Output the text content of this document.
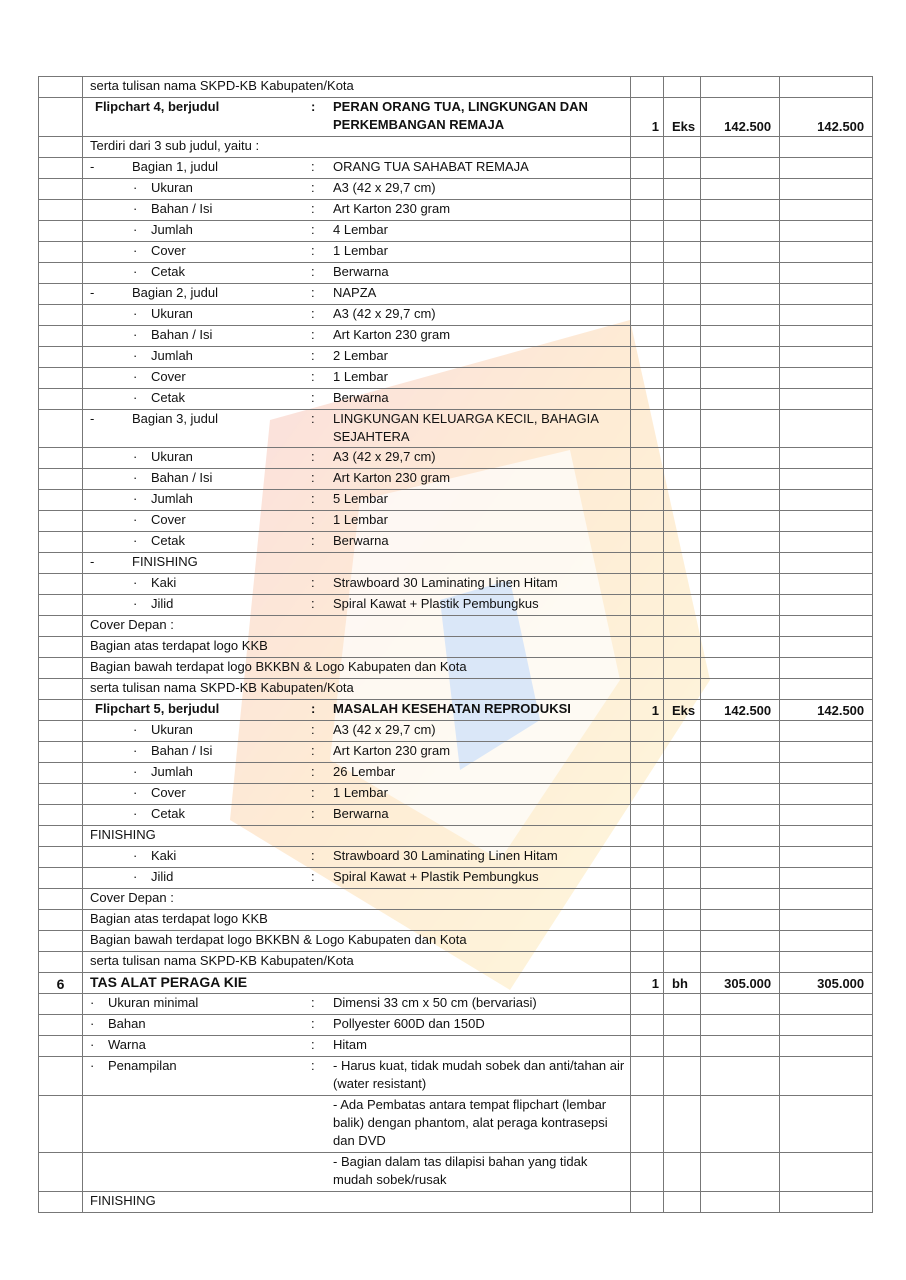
	serta tulisan nama SKPD-KB Kabupaten/Kota				

	Flipchart 4, berjudul : PERAN ORANG TUA, LINGKUNGAN DAN PERKEMBANGAN REMAJA	1	Eks	142.500	142.500

	Terdiri dari 3 sub judul, yaitu :				

	- Bagian 1, judul : ORANG TUA SAHABAT REMAJA				

	· Ukuran : A3 (42 x 29,7 cm)				

	· Bahan / Isi : Art Karton 230 gram				

	· Jumlah : 4 Lembar				

	· Cover : 1 Lembar				

	· Cetak : Berwarna				

	- Bagian 2, judul : NAPZA				

	· Ukuran : A3 (42 x 29,7 cm)				

	· Bahan / Isi : Art Karton 230 gram				

	· Jumlah : 2 Lembar				

	· Cover : 1 Lembar				

	· Cetak : Berwarna				

	- Bagian 3, judul : LINGKUNGAN KELUARGA KECIL, BAHAGIA SEJAHTERA				

	· Ukuran : A3 (42 x 29,7 cm)				

	· Bahan / Isi : Art Karton 230 gram				

	· Jumlah : 5 Lembar				

	· Cover : 1 Lembar				

	· Cetak : Berwarna				

	- FINISHING				

	· Kaki : Strawboard 30 Laminating Linen Hitam				

	· Jilid : Spiral Kawat + Plastik Pembungkus				

	Cover Depan :				

	Bagian atas terdapat logo KKB				

	Bagian bawah terdapat logo BKKBN & Logo Kabupaten dan Kota				

	serta tulisan nama SKPD-KB Kabupaten/Kota				

	Flipchart 5, berjudul : MASALAH KESEHATAN REPRODUKSI	1	Eks	142.500	142.500

	· Ukuran : A3 (42 x 29,7 cm)				

	· Bahan / Isi : Art Karton 230 gram				

	· Jumlah : 26 Lembar				

	· Cover : 1 Lembar				

	· Cetak : Berwarna				

	FINISHING				

	· Kaki : Strawboard 30 Laminating Linen Hitam				

	· Jilid : Spiral Kawat + Plastik Pembungkus				

	Cover Depan :				

	Bagian atas terdapat logo KKB				

	Bagian bawah terdapat logo BKKBN & Logo Kabupaten dan Kota				

	serta tulisan nama SKPD-KB Kabupaten/Kota				

6	TAS ALAT PERAGA KIE	1	bh	305.000	305.000

	· Ukuran minimal : Dimensi 33 cm x 50 cm (bervariasi)				

	· Bahan : Pollyester 600D dan 150D				

	· Warna : Hitam				

	· Penampilan : - Harus kuat, tidak mudah sobek dan anti/tahan air (water resistant)				

	- Ada Pembatas antara tempat flipchart (lembar balik) dengan phantom, alat peraga kontrasepsi dan DVD				

	- Bagian dalam tas dilapisi bahan yang tidak mudah sobek/rusak				

	FINISHING				
